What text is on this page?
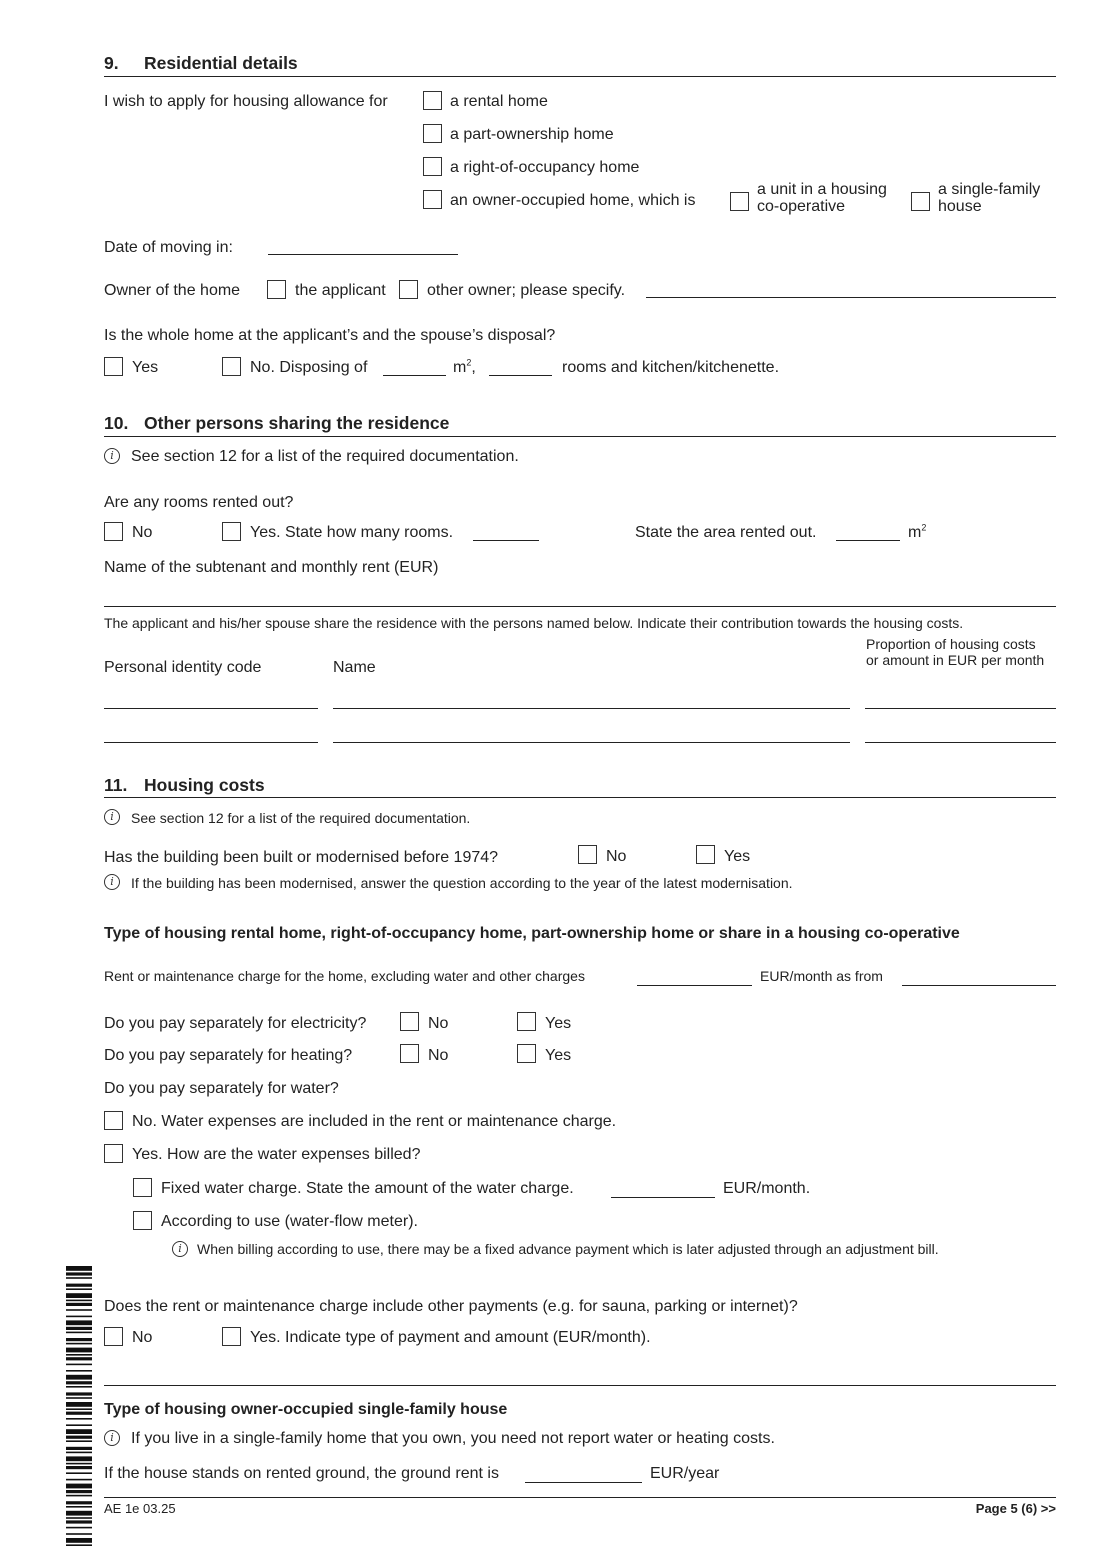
9. Residential details
I wish to apply for housing allowance for	a rental home
a part-ownership home
a right-of-occupancy home
an owner-occupied home, which is
a unit in a housing
co-operative
a single-family
house
Date of moving in:
Owner of the home	the applicant	other owner; please specify.
Is the whole home at the applicant’s and the spouse’s disposal?
Yes	No. Disposing of	$m^2$,	rooms and kitchen/kitchenette.
10. Other persons sharing the residence
i	See section 12 for a list of the required documentation.
Are any rooms rented out?
No	Yes. State how many rooms.	State the area rented out.	$m^2$
Name of the subtenant and monthly rent (EUR)
The applicant and his/her spouse share the residence with the persons named below. Indicate their contribution towards the housing costs.
Personal identity code	Name
Proportion of housing costs
or amount in EUR per month
11. Housing costs
i	See section 12 for a list of the required documentation.
Has the building been built or modernised before 1974?	No	Yes
i	If the building has been modernised, answer the question according to the year of the latest modernisation.
Type of housing rental home, right-of-occupancy home, part-ownership home or share in a housing co-operative
Rent or maintenance charge for the home, excluding water and other charges	EUR/month as from
Do you pay separately for electricity?	No	Yes
Do you pay separately for heating?	No	Yes
Do you pay separately for water?
No. Water expenses are included in the rent or maintenance charge.
Yes. How are the water expenses billed?
Fixed water charge. State the amount of the water charge.	EUR/month.
According to use (water-flow meter).
i	When billing according to use, there may be a fixed advance payment which is later adjusted through an adjustment bill.
Does the rent or maintenance charge include other payments (e.g. for sauna, parking or internet)?
No	Yes. Indicate type of payment and amount (EUR/month).
Type of housing owner-occupied single-family house
i	If you live in a single-family home that you own, you need not report water or heating costs.
If the house stands on rented ground, the ground rent is	EUR/year
AE 1e 03.25	Page 5 (6) >>
